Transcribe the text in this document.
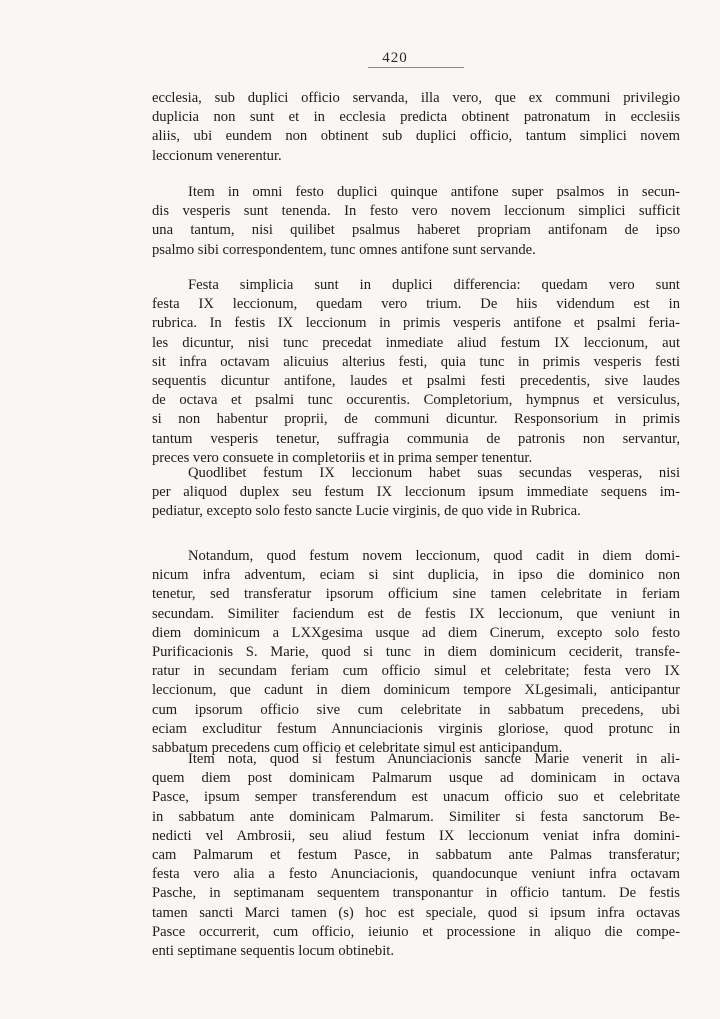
420
ecclesia, sub duplici officio servanda, illa vero, que ex communi privilegio
duplicia non sunt et in ecclesia predicta obtinent patronatum in ecclesiis
aliis, ubi eundem non obtinent sub duplici officio, tantum simplici novem
leccionum venerentur.
Item in omni festo duplici quinque antifone super psalmos in secun-
dis vesperis sunt tenenda. In festo vero novem leccionum simplici sufficit
una tantum, nisi quilibet psalmus haberet propriam antifonam de ipso
psalmo sibi correspondentem, tunc omnes antifone sunt servande.
Festa simplicia sunt in duplici differencia: quedam vero sunt
festa IX leccionum, quedam vero trium. De hiis videndum est in
rubrica. In festis IX leccionum in primis vesperis antifone et psalmi feria-
les dicuntur, nisi tunc precedat inmediate aliud festum IX leccionum, aut
sit infra octavam alicuius alterius festi, quia tunc in primis vesperis festi
sequentis dicuntur antifone, laudes et psalmi festi precedentis, sive laudes
de octava et psalmi tunc occurentis. Completorium, hympnus et versiculus,
si non habentur proprii, de communi dicuntur. Responsorium in primis
tantum vesperis tenetur, suffragia communia de patronis non servantur,
preces vero consuete in completoriis et in prima semper tenentur.
Quodlibet festum IX leccionum habet suas secundas vesperas, nisi
per aliquod duplex seu festum IX leccionum ipsum immediate sequens im-
pediatur, excepto solo festo sancte Lucie virginis, de quo vide in Rubrica.
Notandum, quod festum novem leccionum, quod cadit in diem domi-
nicum infra adventum, eciam si sint duplicia, in ipso die dominico non
tenetur, sed transferatur ipsorum officium sine tamen celebritate in feriam
secundam. Similiter faciendum est de festis IX leccionum, que veniunt in
diem dominicum a LXXgesima usque ad diem Cinerum, excepto solo festo
Purificacionis S. Marie, quod si tunc in diem dominicum ceciderit, transfe-
ratur in secundam feriam cum officio simul et celebritate; festa vero IX
leccionum, que cadunt in diem dominicum tempore XLgesimali, anticipantur
cum ipsorum officio sive cum celebritate in sabbatum precedens, ubi
eciam excluditur festum Annunciacionis virginis gloriose, quod protunc in
sabbatum precedens cum officio et celebritate simul est anticipandum.
Item nota, quod si festum Anunciacionis sancte Marie venerit in ali-
quem diem post dominicam Palmarum usque ad dominicam in octava
Pasce, ipsum semper transferendum est unacum officio suo et celebritate
in sabbatum ante dominicam Palmarum. Similiter si festa sanctorum Be-
nedicti vel Ambrosii, seu aliud festum IX leccionum veniat infra domini-
cam Palmarum et festum Pasce, in sabbatum ante Palmas transferatur;
festa vero alia a festo Anunciacionis, quandocunque veniunt infra octavam
Pasche, in septimanam sequentem transponantur in officio tantum. De festis
tamen sancti Marci tamen (s) hoc est speciale, quod si ipsum infra octavas
Pasce occurrerit, cum officio, ieiunio et processione in aliquo die compe-
enti septimane sequentis locum obtinebit.
